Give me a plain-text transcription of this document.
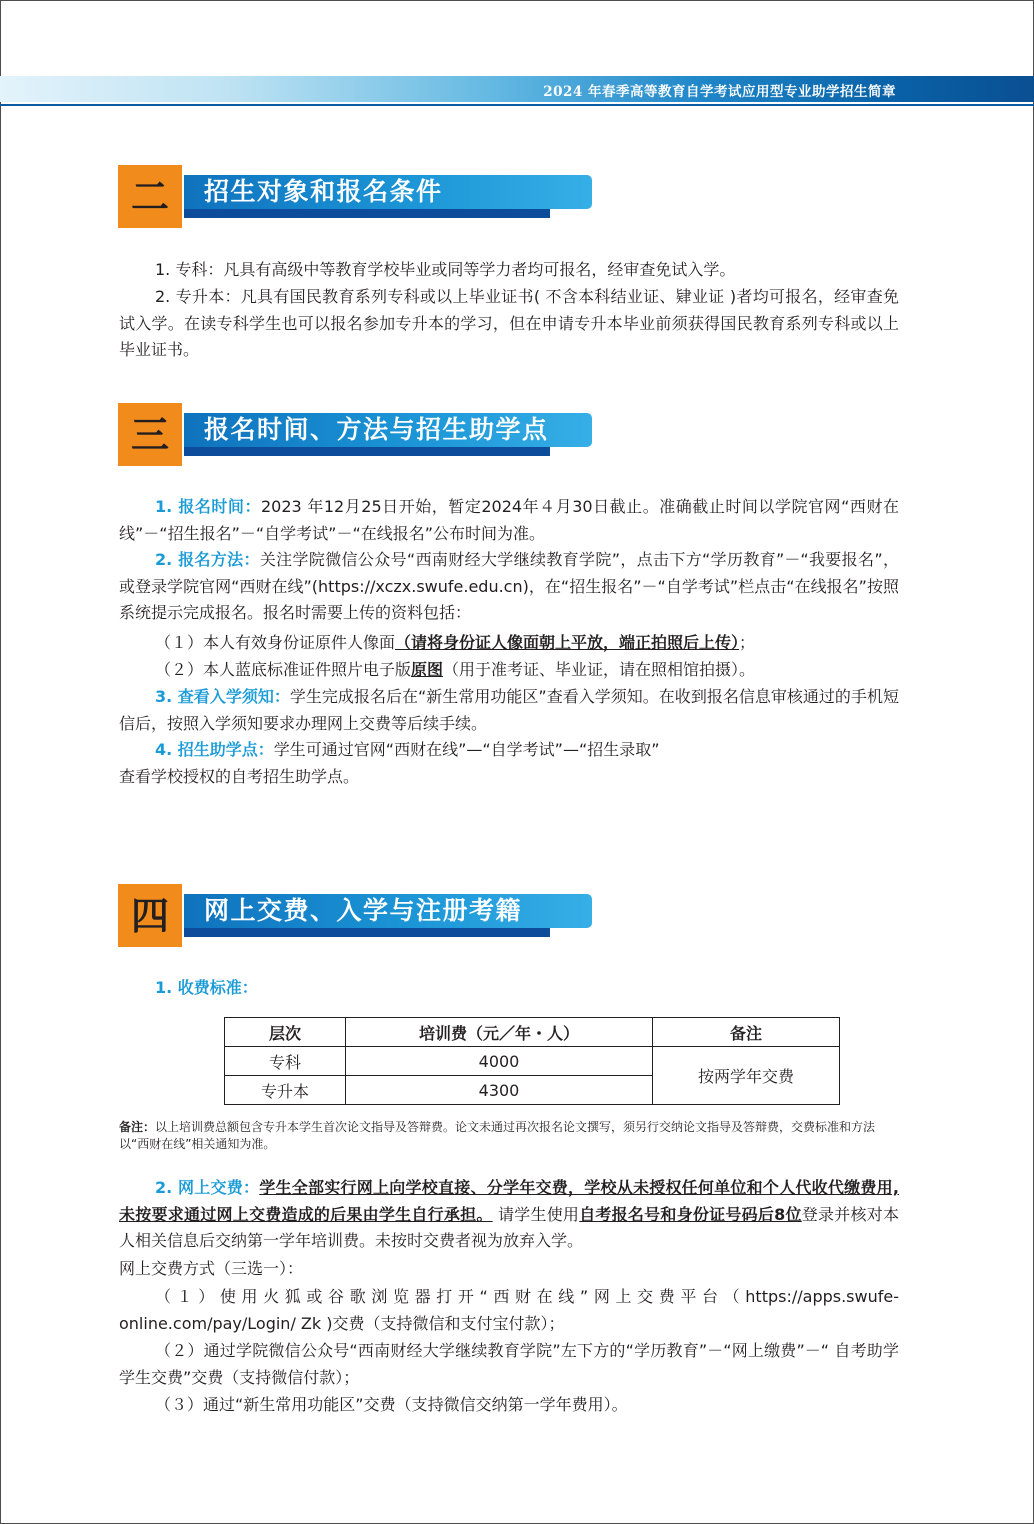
2024 年春季高等教育自学考试应用型专业助学招生简章
二	招生对象和报名条件

1. 专科：凡具有高级中等教育学校毕业或同等学力者均可报名，经审查免试入学。

2. 专升本：凡具有国民教育系列专科或以上毕业证书( 不含本科结业证、肄业证 )者均可报名，经审查免试入学。在读专科学生也可以报名参加专升本的学习，但在申请专升本毕业前须获得国民教育系列专科或以上毕业证书。

三	报名时间、方法与招生助学点

1. 报名时间：2023 年12月25日开始，暂定2024年４月30日截止。准确截止时间以学院官网“西财在线”－“招生报名”－“自学考试”－“在线报名”公布时间为准。

2. 报名方法：关注学院微信公众号“西南财经大学继续教育学院”，点击下方“学历教育”－“我要报名”，或登录学院官网“西财在线”(https://xczx.swufe.edu.cn)，在“招生报名”－“自学考试”栏点击“在线报名”按照系统提示完成报名。报名时需要上传的资料包括：

（１）本人有效身份证原件人像面（请将身份证人像面朝上平放，端正拍照后上传）；

（２）本人蓝底标准证件照片电子版原图（用于准考证、毕业证，请在照相馆拍摄）。

3. 查看入学须知：学生完成报名后在“新生常用功能区”查看入学须知。在收到报名信息审核通过的手机短信后，按照入学须知要求办理网上交费等后续手续。

4. 招生助学点：学生可通过官网“西财在线”—“自学考试”—“招生录取”

查看学校授权的自考招生助学点。

四	网上交费、入学与注册考籍

1. 收费标准：

层次	培训费（元／年・人）	备注
专科	4000	按两学年交费
专升本	4300	
备注：以上培训费总额包含专升本学生首次论文指导及答辩费。论文未通过再次报名论文撰写，须另行交纳论文指导及答辩费，交费标准和方法以“西财在线”相关通知为准。

2. 网上交费：学生全部实行网上向学校直接、分学年交费，学校从未授权任何单位和个人代收代缴费用,未按要求通过网上交费造成的后果由学生自行承担。 请学生使用自考报名号和身份证号码后8位登录并核对本人相关信息后交纳第一学年培训费。未按时交费者视为放弃入学。

网上交费方式（三选一）：

（１）使用火狐或谷歌浏览器打开“西财在线”网上交费平台（https://apps.swufe- online.com/pay/Login/ Zk )交费（支持微信和支付宝付款）；

（２）通过学院微信公众号“西南财经大学继续教育学院”左下方的“学历教育”－“网上缴费”－“ 自考助学学生交费”交费（支持微信付款）；

（３）通过“新生常用功能区”交费（支持微信交纳第一学年费用）。
